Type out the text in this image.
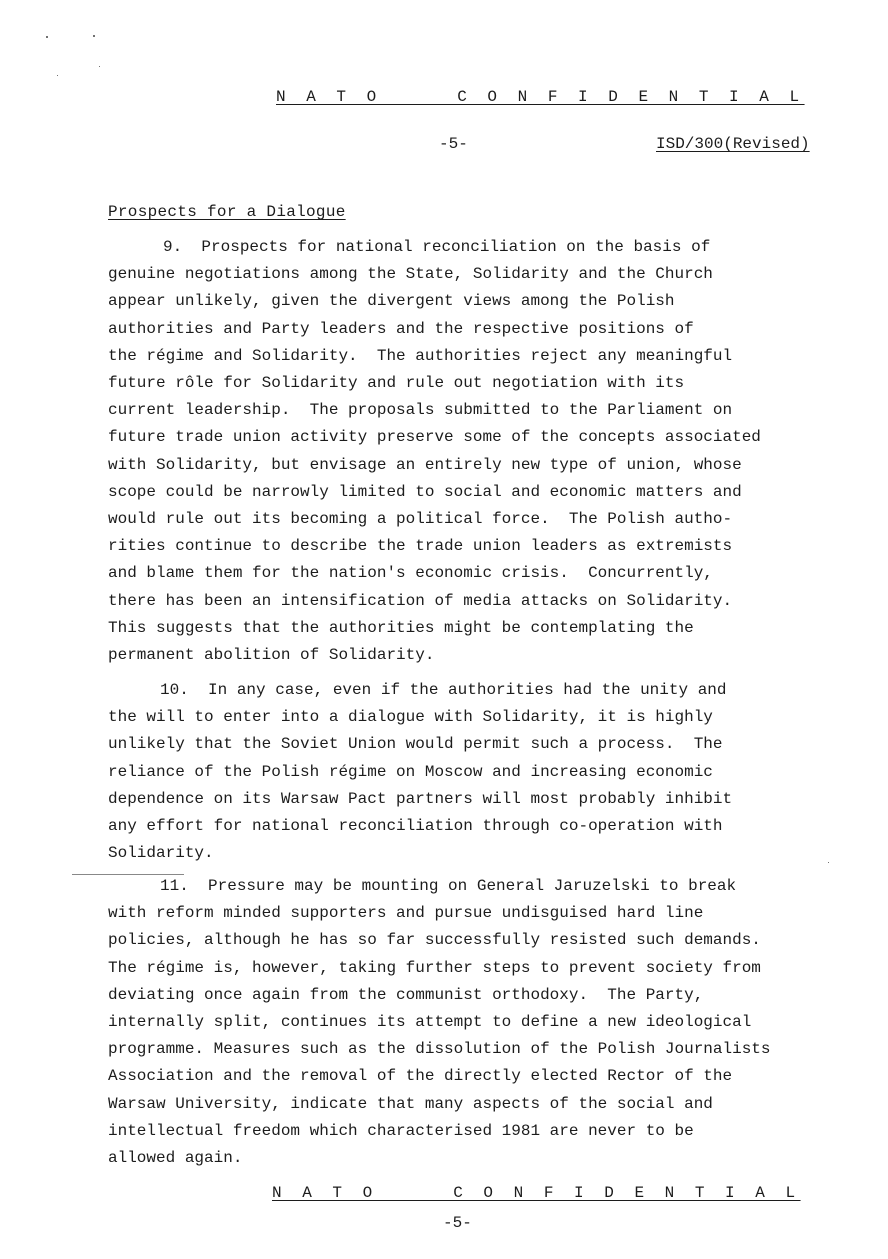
N A T O     C O N F I D E N T I A L
-5-	ISD/300(Revised)
Prospects for a Dialogue
9.  Prospects for national reconciliation on the basis of
genuine negotiations among the State, Solidarity and the Church
appear unlikely, given the divergent views among the Polish
authorities and Party leaders and the respective positions of
the régime and Solidarity.  The authorities reject any meaningful
future rôle for Solidarity and rule out negotiation with its
current leadership.  The proposals submitted to the Parliament on
future trade union activity preserve some of the concepts associated
with Solidarity, but envisage an entirely new type of union, whose
scope could be narrowly limited to social and economic matters and
would rule out its becoming a political force.  The Polish autho-
rities continue to describe the trade union leaders as extremists
and blame them for the nation's economic crisis.  Concurrently,
there has been an intensification of media attacks on Solidarity.
This suggests that the authorities might be contemplating the
permanent abolition of Solidarity.
10.  In any case, even if the authorities had the unity and
the will to enter into a dialogue with Solidarity, it is highly
unlikely that the Soviet Union would permit such a process.  The
reliance of the Polish régime on Moscow and increasing economic
dependence on its Warsaw Pact partners will most probably inhibit
any effort for national reconciliation through co-operation with
Solidarity.
11.  Pressure may be mounting on General Jaruzelski to break
with reform minded supporters and pursue undisguised hard line
policies, although he has so far successfully resisted such demands.
The régime is, however, taking further steps to prevent society from
deviating once again from the communist orthodoxy.  The Party,
internally split, continues its attempt to define a new ideological
programme. Measures such as the dissolution of the Polish Journalists
Association and the removal of the directly elected Rector of the
Warsaw University, indicate that many aspects of the social and
intellectual freedom which characterised 1981 are never to be
allowed again.
N A T O     C O N F I D E N T I A L
-5-
